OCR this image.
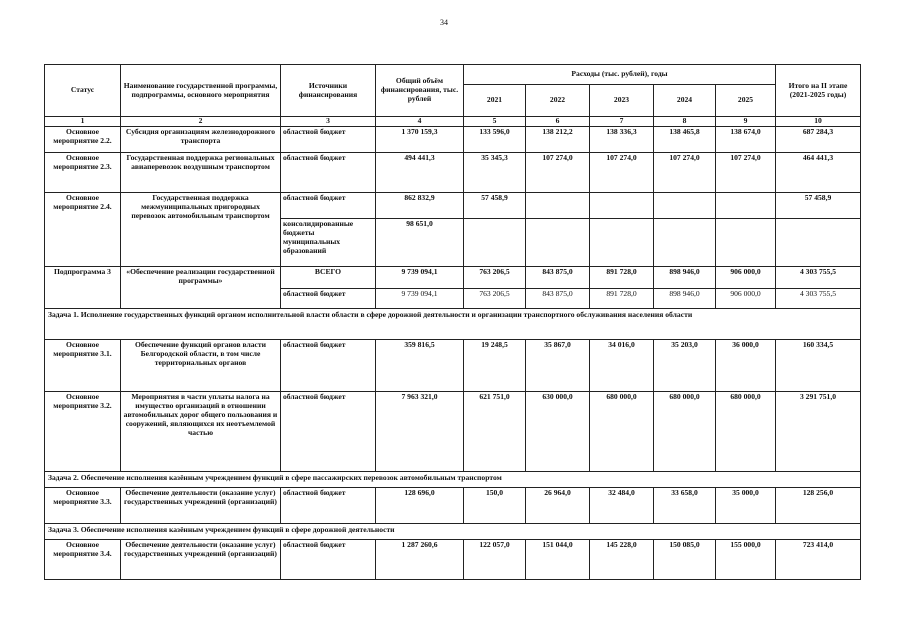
34
Статус	Наименование государственной программы, подпрограммы, основного мероприятия	Источники финансирования	Общий объём финансирования, тыс. рублей	Расходы (тыс. рублей), годы					Итого на II этапе (2021-2025 годы)
				2021	2022	2023	2024	2025	
1	2	3	4	5	6	7	8	9	10
Основное мероприятие 2.2.	Субсидия организациям железнодорожного транспорта	областной бюджет	1 370 159,3	133 596,0	138 212,2	138 336,3	138 465,8	138 674,0	687 284,3
Основное мероприятие 2.3.	Государственная поддержка региональных авиаперевозок воздушным транспортом	областной бюджет	494 441,3	35 345,3	107 274,0	107 274,0	107 274,0	107 274,0	464 441,3
Основное мероприятие 2.4.	Государственная поддержка межмуниципальных пригородных перевозок автомобильным транспортом	областной бюджет	862 832,9	57 458,9					57 458,9
		консолидированные бюджеты муниципальных образований	98 651,0						
Подпрограмма 3	«Обеспечение реализации государственной программы»	ВСЕГО	9 739 094,1	763 206,5	843 875,0	891 728,0	898 946,0	906 000,0	4 303 755,5
		областной бюджет	9 739 094,1	763 206,5	843 875,0	891 728,0	898 946,0	906 000,0	4 303 755,5
Задача 1. Исполнение государственных функций органом исполнительной власти области в сфере дорожной деятельности и организации транспортного обслуживания населения области									
Основное мероприятие 3.1.	Обеспечение функций органов власти Белгородской области, в том числе территориальных органов	областной бюджет	359 816,5	19 248,5	35 867,0	34 016,0	35 203,0	36 000,0	160 334,5
Основное мероприятие 3.2.	Мероприятия в части уплаты налога на имущество организаций в отношении автомобильных дорог общего пользования и сооружений, являющихся их неотъемлемой частью	областной бюджет	7 963 321,0	621 751,0	630 000,0	680 000,0	680 000,0	680 000,0	3 291 751,0
Задача 2. Обеспечение исполнения казённым учреждением функций в сфере пассажирских перевозок автомобильным транспортом									
Основное мероприятие 3.3.	Обеспечение деятельности (оказание услуг) государственных учреждений (организаций)	областной бюджет	128 696,0	150,0	26 964,0	32 484,0	33 658,0	35 000,0	128 256,0
Задача 3. Обеспечение исполнения казённым учреждением функций в сфере дорожной деятельности									
Основное мероприятие 3.4.	Обеспечение деятельности (оказание услуг) государственных учреждений (организаций)	областной бюджет	1 287 260,6	122 057,0	151 044,0	145 228,0	150 085,0	155 000,0	723 414,0
